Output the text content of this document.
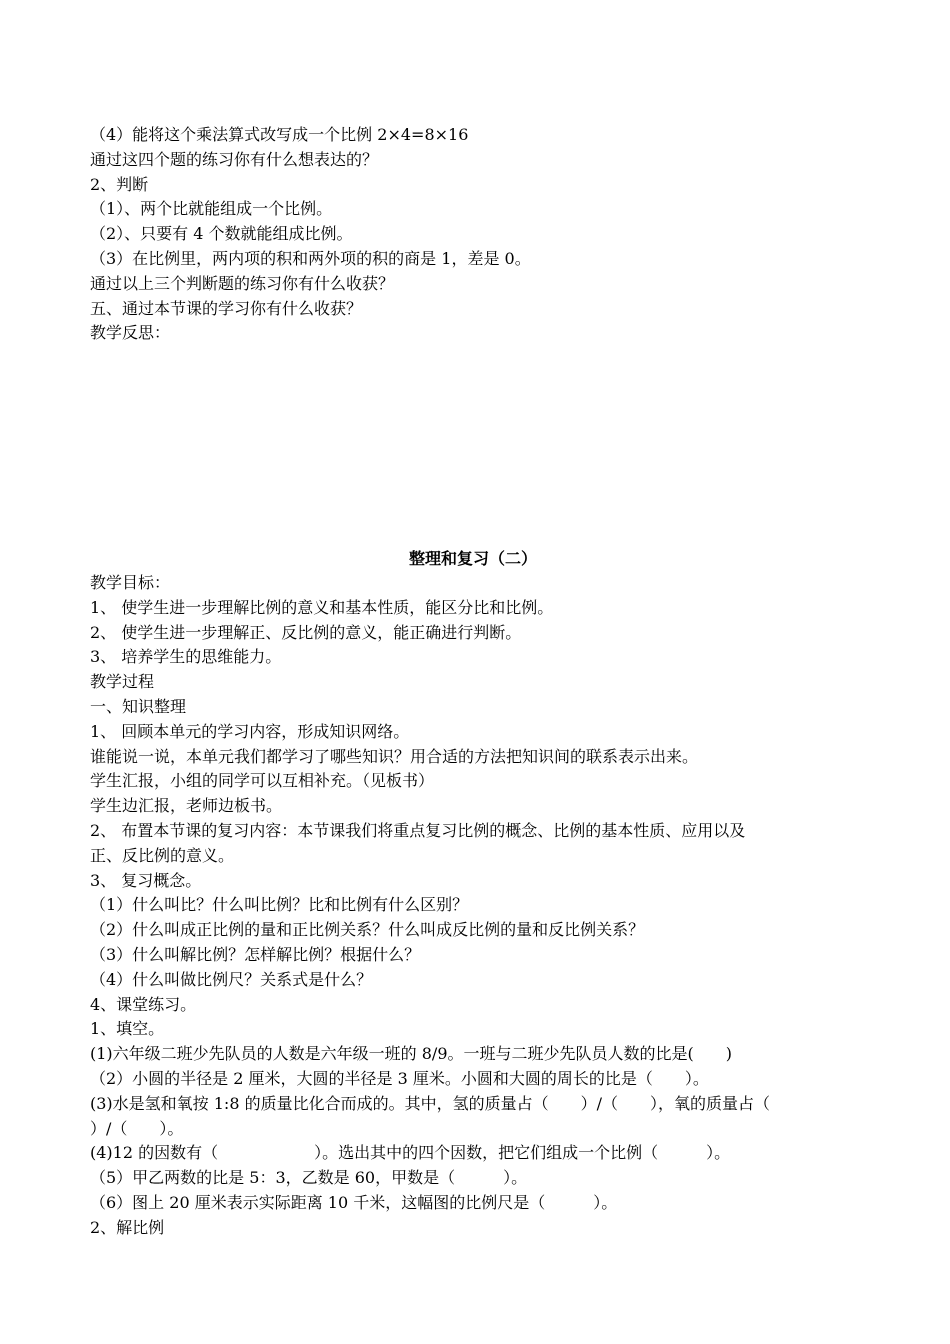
（4）能将这个乘法算式改写成一个比例 2×4=8×16
通过这四个题的练习你有什么想表达的？
2、判断
（1）、两个比就能组成一个比例。
（2）、只要有 4 个数就能组成比例。
（3）在比例里，两内项的积和两外项的积的商是 1，差是 0。
通过以上三个判断题的练习你有什么收获？
五、通过本节课的学习你有什么收获？
教学反思：
整理和复习（二）
教学目标：
1、 使学生进一步理解比例的意义和基本性质，能区分比和比例。
2、 使学生进一步理解正、反比例的意义，能正确进行判断。
3、 培养学生的思维能力。
教学过程
一、知识整理
1、 回顾本单元的学习内容，形成知识网络。
谁能说一说，本单元我们都学习了哪些知识？用合适的方法把知识间的联系表示出来。
学生汇报，小组的同学可以互相补充。（见板书）
学生边汇报，老师边板书。
2、 布置本节课的复习内容：本节课我们将重点复习比例的概念、比例的基本性质、应用以及
正、反比例的意义。
3、 复习概念。
（1）什么叫比？什么叫比例？比和比例有什么区别？
（2）什么叫成正比例的量和正比例关系？什么叫成反比例的量和反比例关系？
（3）什么叫解比例？怎样解比例？根据什么？
（4）什么叫做比例尺？关系式是什么？
4、课堂练习。
1、填空。
(1)六年级二班少先队员的人数是六年级一班的 8/9。一班与二班少先队员人数的比是(　　)
（2）小圆的半径是 2 厘米，大圆的半径是 3 厘米。小圆和大圆的周长的比是（　　）。
(3)水是氢和氧按 1:8 的质量比化合而成的。其中，氢的质量占（　　）/（　　），氧的质量占（
）/（　　）。
(4)12 的因数有（　　　　　　）。选出其中的四个因数，把它们组成一个比例（　　　）。
（5）甲乙两数的比是 5：3，乙数是 60，甲数是（　　　）。
（6）图上 20 厘米表示实际距离 10 千米，这幅图的比例尺是（　　　）。
2、解比例
